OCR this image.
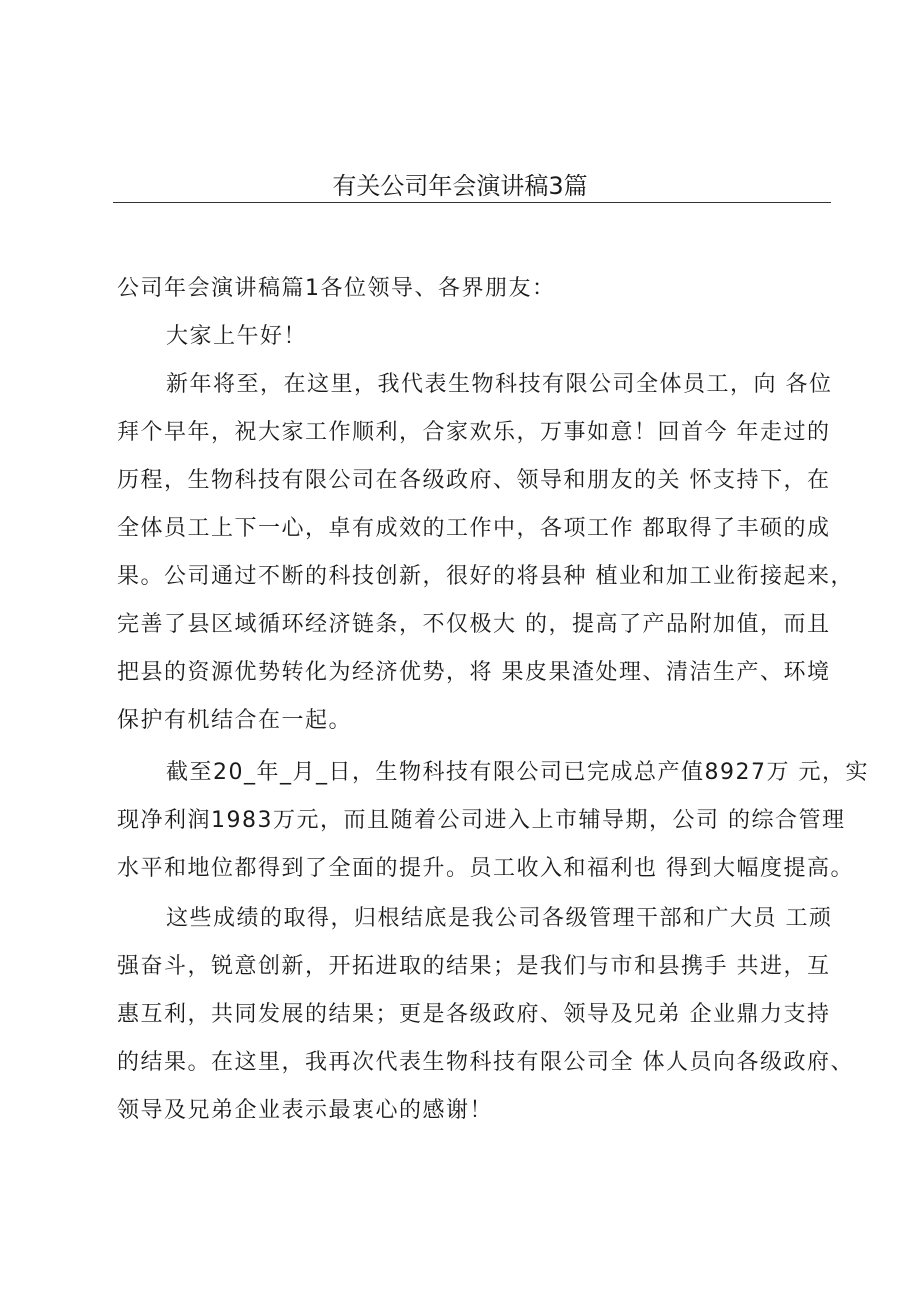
有关公司年会演讲稿3篇
公司年会演讲稿篇1各位领导、各界朋友：
大家上午好！
新年将至，在这里，我代表生物科技有限公司全体员工，向 各位
拜个早年，祝大家工作顺利，合家欢乐，万事如意！回首今 年走过的
历程，生物科技有限公司在各级政府、领导和朋友的关 怀支持下，在
全体员工上下一心，卓有成效的工作中，各项工作 都取得了丰硕的成
果。公司通过不断的科技创新，很好的将县种 植业和加工业衔接起来，
完善了县区域循环经济链条，不仅极大 的，提高了产品附加值，而且
把县的资源优势转化为经济优势，将 果皮果渣处理、清洁生产、环境
保护有机结合在一起。
截至20_年_月_日，生物科技有限公司已完成总产值8927万 元，实
现净利润1983万元，而且随着公司进入上市辅导期，公司 的综合管理
水平和地位都得到了全面的提升。员工收入和福利也 得到大幅度提高。
这些成绩的取得，归根结底是我公司各级管理干部和广大员 工顽
强奋斗，锐意创新，开拓进取的结果；是我们与市和县携手 共进，互
惠互利，共同发展的结果；更是各级政府、领导及兄弟 企业鼎力支持
的结果。在这里，我再次代表生物科技有限公司全 体人员向各级政府、
领导及兄弟企业表示最衷心的感谢！
